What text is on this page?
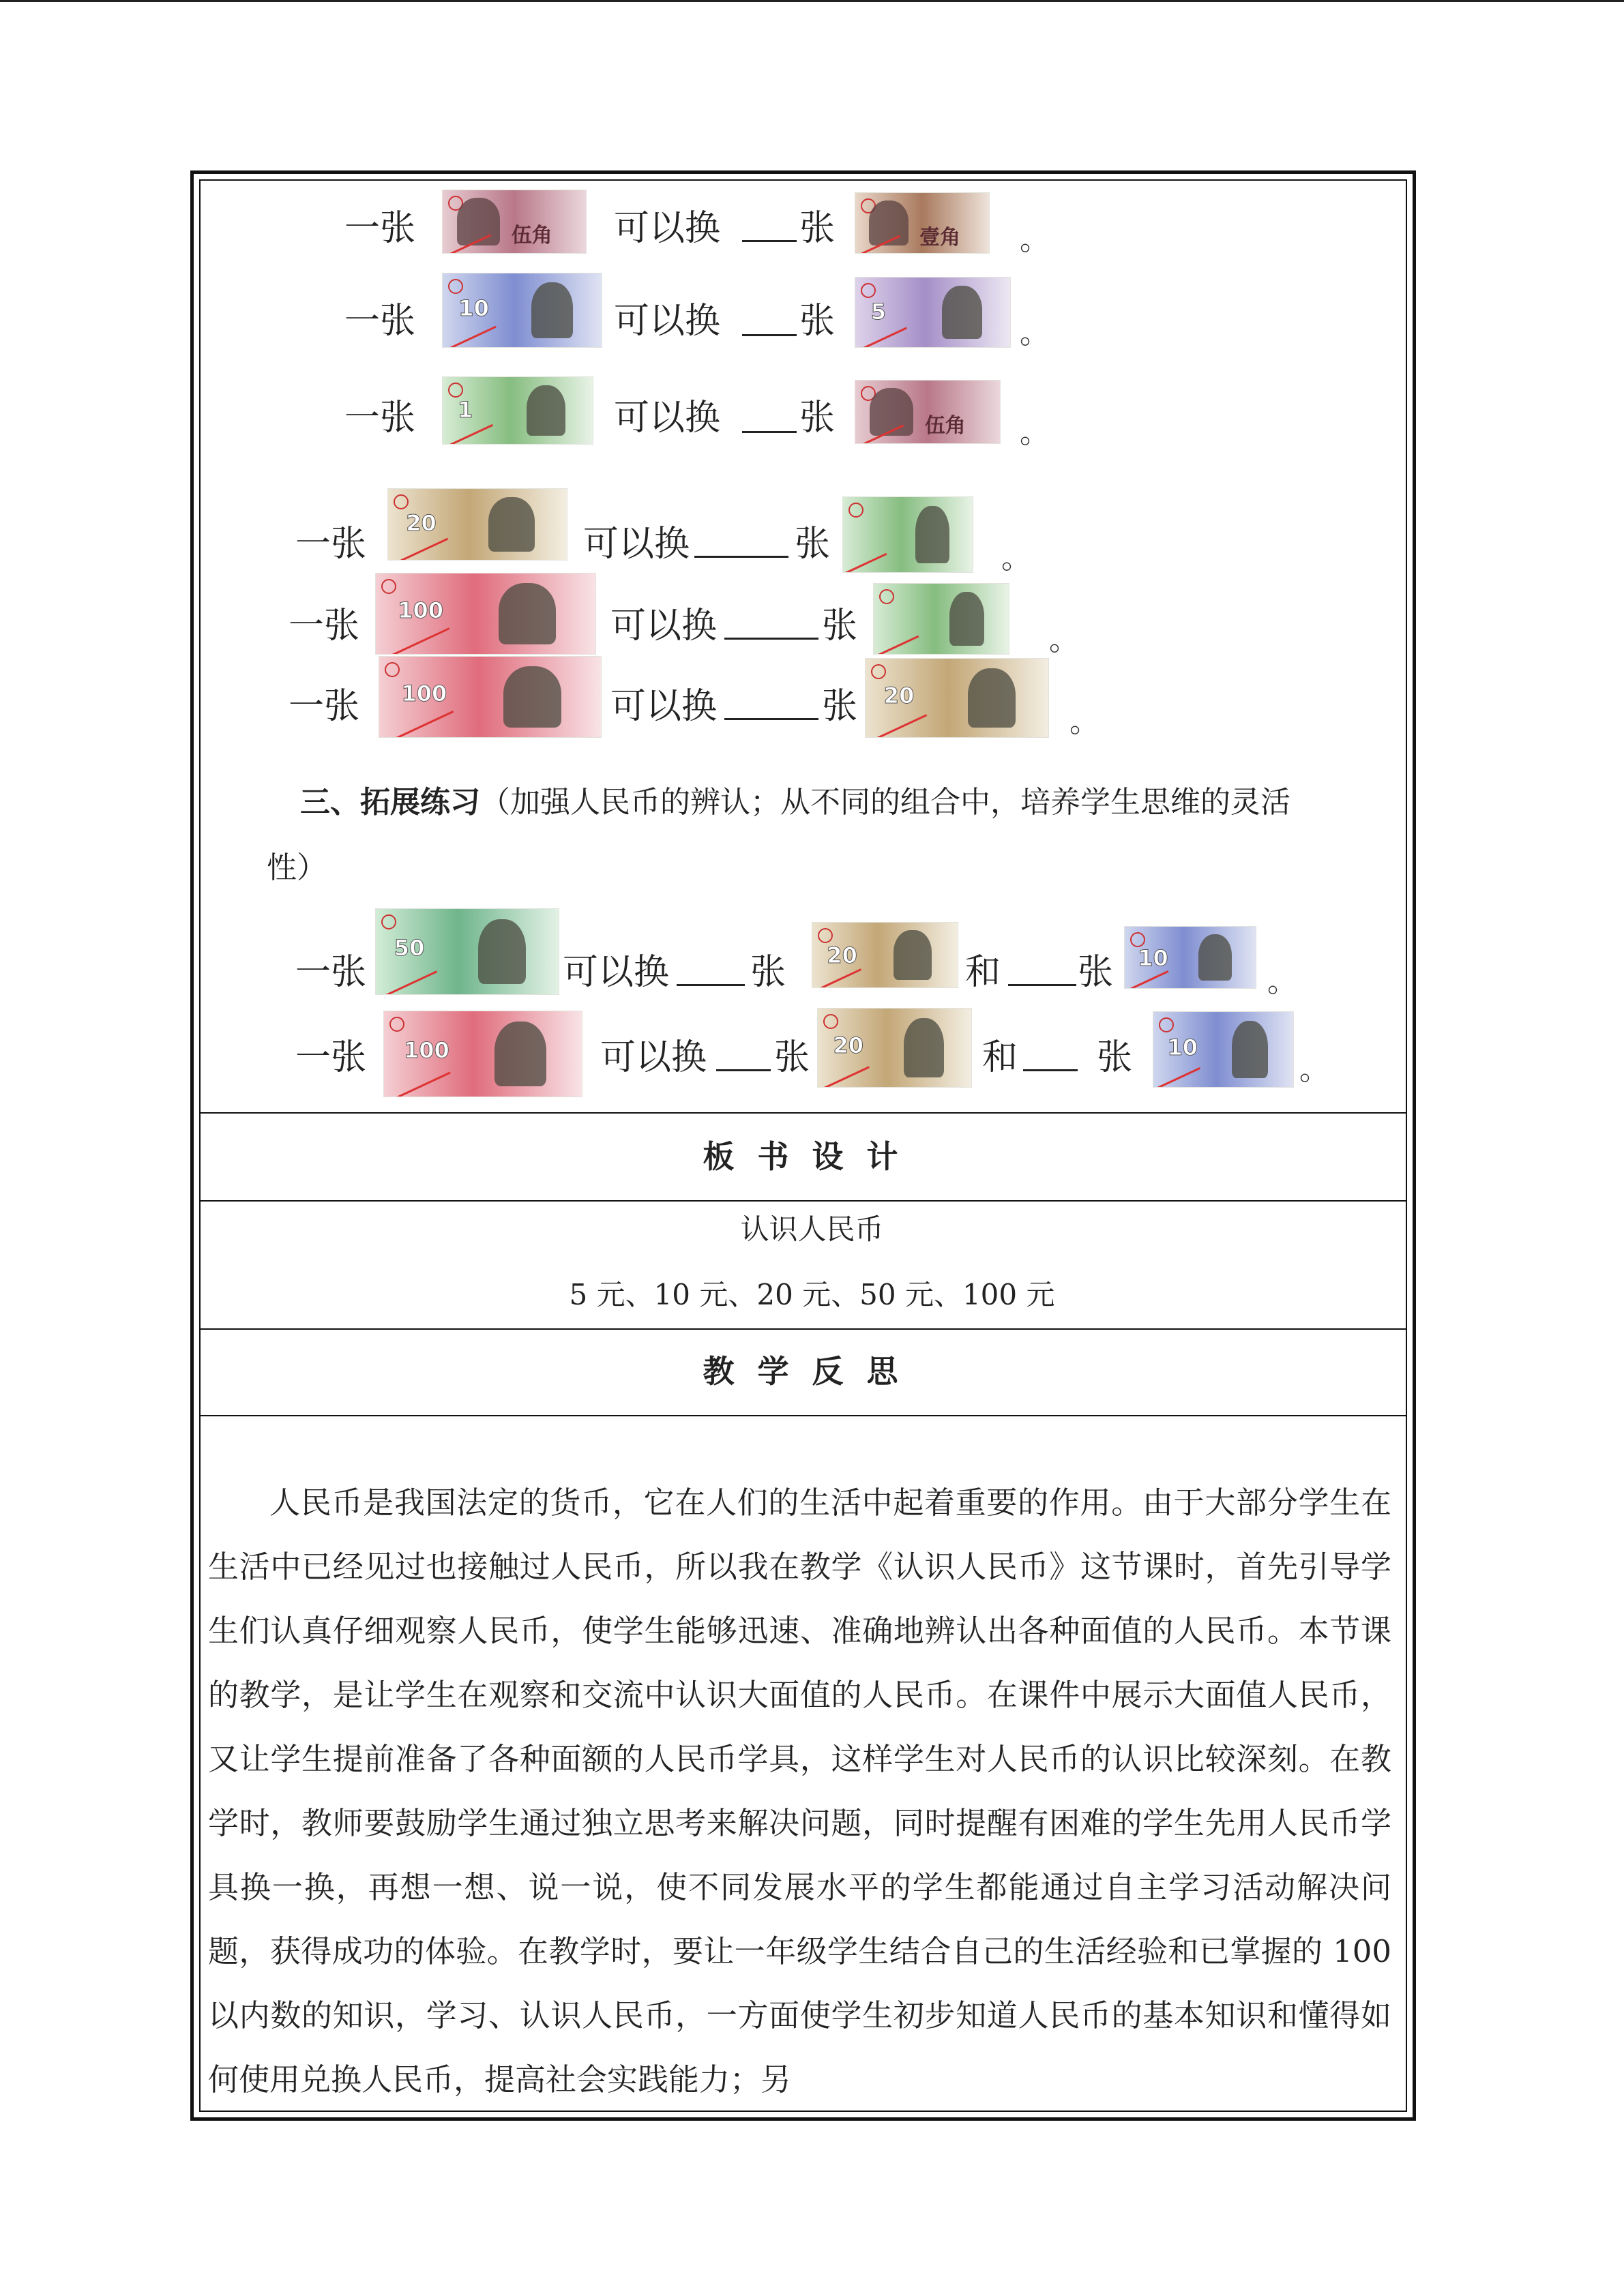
一张	伍角 可以换 张	壹角 。
一张 10	可以换 张 5
。
一张 1	可以换 张	伍角 。
一张
20
可以换	张	。
一张 100	可以换	张	。
一张 100	可以换	张 20
。
三、拓展练习（加强人民币的辨认；从不同的组合中，培养学生思维的灵活
性）
一张
50
可以换 张 20	和 张 10
。
一张 100	可以换 张 20	和 张 10
。
板书设计
认识人民币
5 元、10 元、20 元、50 元、100 元
教学反思
人民币是我国法定的货币，它在人们的生活中起着重要的作用。由于大部分学生在生活中已经见过也接触过人民币，所以我在教学《认识人民币》这节课时，首先引导学生们认真仔细观察人民币，使学生能够迅速、准确地辨认出各种面值的人民币。本节课的教学，是让学生在观察和交流中认识大面值的人民币。在课件中展示大面值人民币，又让学生提前准备了各种面额的人民币学具，这样学生对人民币的认识比较深刻。在教学时，教师要鼓励学生通过独立思考来解决问题，同时提醒有困难的学生先用人民币学具换一换，再想一想、说一说，使不同发展水平的学生都能通过自主学习活动解决问题，获得成功的体验。在教学时，要让一年级学生结合自己的生活经验和已掌握的 100 以内数的知识，学习、认识人民币，一方面使学生初步知道人民币的基本知识和懂得如何使用兑换人民币，提高社会实践能力；另
